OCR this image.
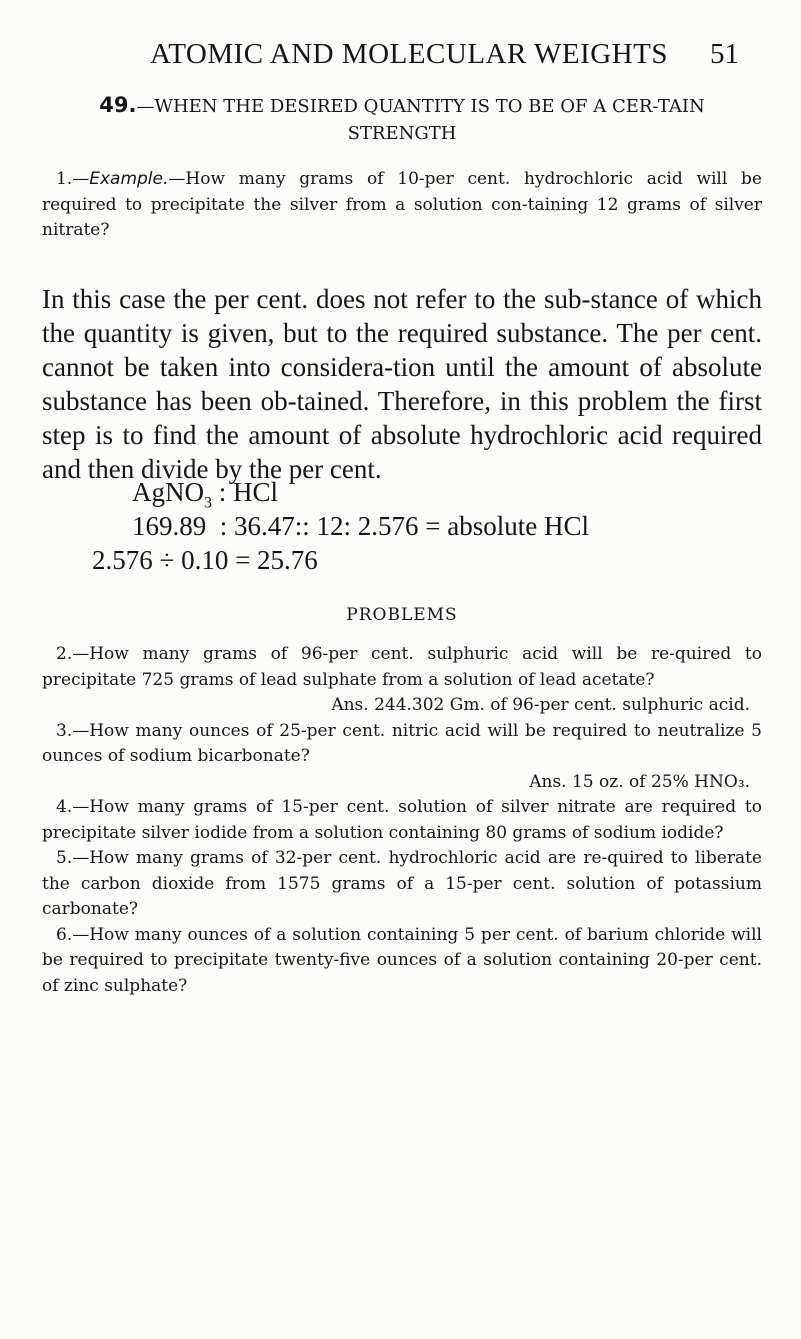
ATOMIC AND MOLECULAR WEIGHTS 51
49.—WHEN THE DESIRED QUANTITY IS TO BE OF A CER-TAIN STRENGTH

1.—Example.—How many grams of 10-per cent. hydrochloric acid will be required to precipitate the silver from a solution con-taining 12 grams of silver nitrate?

In this case the per cent. does not refer to the sub-stance of which the quantity is given, but to the required substance. The per cent. cannot be taken into considera-tion until the amount of absolute substance has been ob-tained. Therefore, in this problem the first step is to find the amount of absolute hydrochloric acid required and then divide by the per cent.

AgNO$_3$ : HCl
169.89  : 36.47:: 12: 2.576 = absolute HCl
2.576 ÷ 0.10 = 25.76
PROBLEMS

2.—How many grams of 96-per cent. sulphuric acid will be re-quired to precipitate 725 grams of lead sulphate from a solution of lead acetate?

Ans. 244.302 Gm. of 96-per cent. sulphuric acid.

3.—How many ounces of 25-per cent. nitric acid will be required to neutralize 5 ounces of sodium bicarbonate?

Ans. 15 oz. of 25% HNO₃.

4.—How many grams of 15-per cent. solution of silver nitrate are required to precipitate silver iodide from a solution containing 80 grams of sodium iodide?

5.—How many grams of 32-per cent. hydrochloric acid are re-quired to liberate the carbon dioxide from 1575 grams of a 15-per cent. solution of potassium carbonate?

6.—How many ounces of a solution containing 5 per cent. of barium chloride will be required to precipitate twenty-five ounces of a solution containing 20-per cent. of zinc sulphate?
